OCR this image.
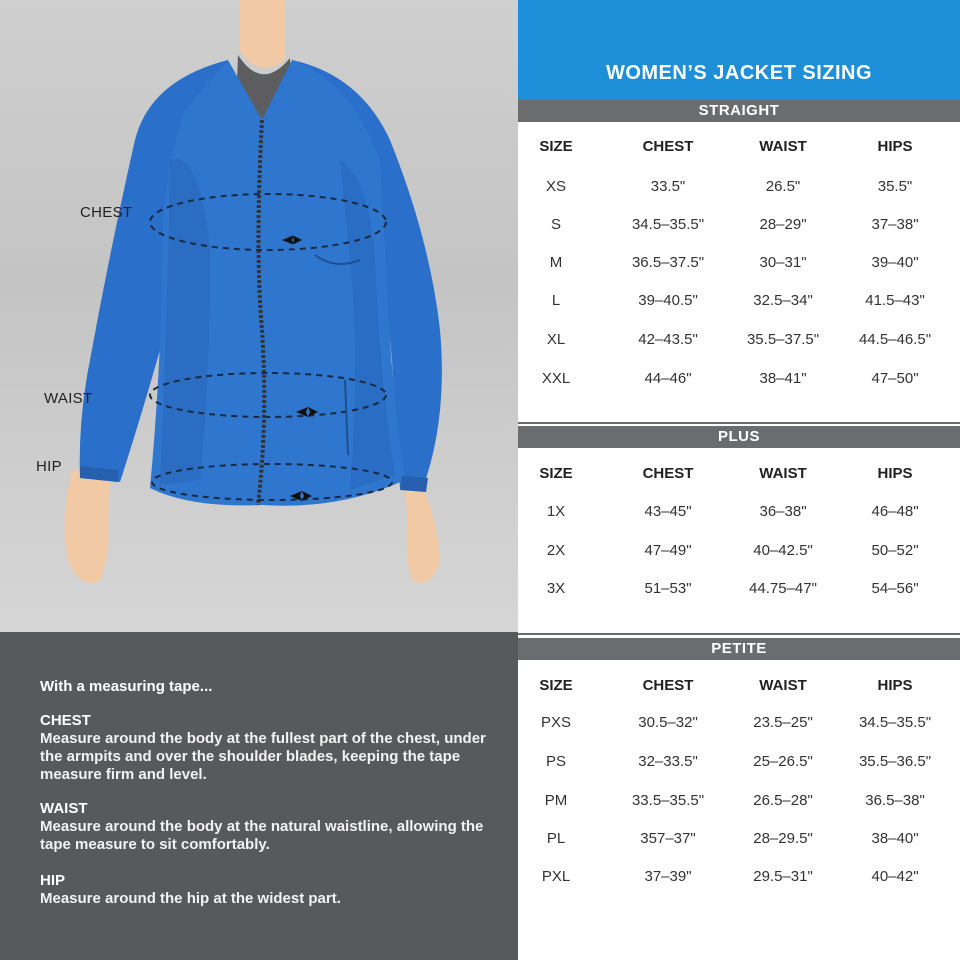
CHEST
WAIST
HIP
With a measuring tape...
CHEST

Measure around the body at the fullest part of the chest, under the armpits and over the shoulder blades, keeping the tape measure firm and level.

WAIST

Measure around the body at the natural waistline, allowing the tape measure to sit comfortably.

HIP

Measure around the hip at the widest part.

WOMEN’S JACKET SIZING
STRAIGHT
SIZE	CHEST	WAIST	HIPS
XS	33.5"	26.5"	35.5"
S	34.5–35.5"	28–29"	37–38"
M	36.5–37.5"	30–31"	39–40"
L	39–40.5"	32.5–34"	41.5–43"
XL	42–43.5"	35.5–37.5"	44.5–46.5"
XXL	44–46"	38–41"	47–50"
PLUS
SIZE	CHEST	WAIST	HIPS
1X	43–45"	36–38"	46–48"
2X	47–49"	40–42.5"	50–52"
3X	51–53"	44.75–47"	54–56"
PETITE
SIZE	CHEST	WAIST	HIPS
PXS	30.5–32"	23.5–25"	34.5–35.5"
PS	32–33.5"	25–26.5"	35.5–36.5"
PM	33.5–35.5"	26.5–28"	36.5–38"
PL	357–37"	28–29.5"	38–40"
PXL	37–39"	29.5–31"	40–42"
